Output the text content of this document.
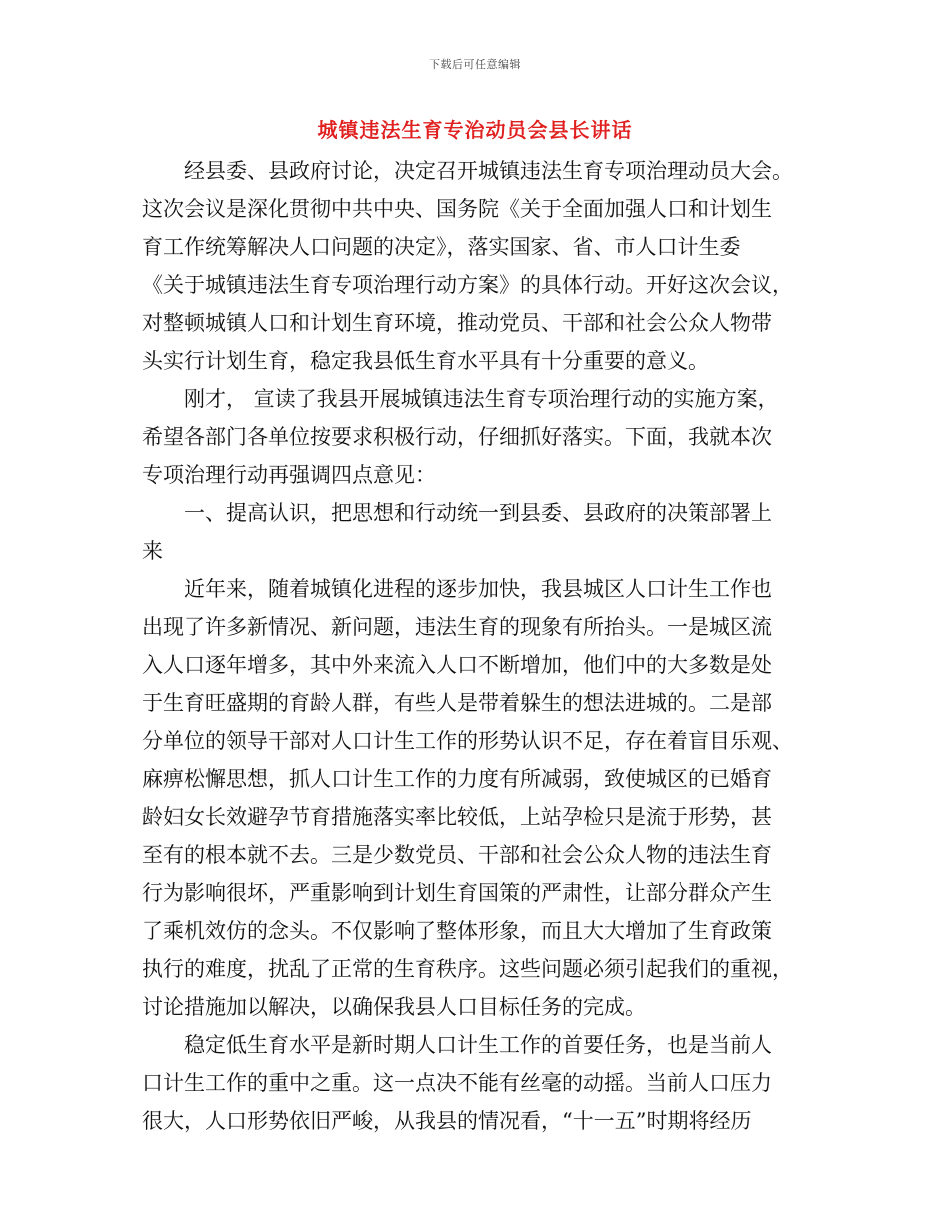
下载后可任意编辑
城镇违法生育专治动员会县长讲话
经县委、县政府讨论，决定召开城镇违法生育专项治理动员大会。
这次会议是深化贯彻中共中央、国务院《关于全面加强人口和计划生
育工作统筹解决人口问题的决定》，落实国家、省、市人口计生委
《关于城镇违法生育专项治理行动方案》的具体行动。开好这次会议，
对整顿城镇人口和计划生育环境，推动党员、干部和社会公众人物带
头实行计划生育，稳定我县低生育水平具有十分重要的意义。
刚才， 宣读了我县开展城镇违法生育专项治理行动的实施方案，
希望各部门各单位按要求积极行动，仔细抓好落实。下面，我就本次
专项治理行动再强调四点意见：
一、提高认识，把思想和行动统一到县委、县政府的决策部署上
来
近年来，随着城镇化进程的逐步加快，我县城区人口计生工作也
出现了许多新情况、新问题，违法生育的现象有所抬头。一是城区流
入人口逐年增多，其中外来流入人口不断增加，他们中的大多数是处
于生育旺盛期的育龄人群，有些人是带着躲生的想法进城的。二是部
分单位的领导干部对人口计生工作的形势认识不足，存在着盲目乐观、
麻痹松懈思想，抓人口计生工作的力度有所减弱，致使城区的已婚育
龄妇女长效避孕节育措施落实率比较低，上站孕检只是流于形势，甚
至有的根本就不去。三是少数党员、干部和社会公众人物的违法生育
行为影响很坏，严重影响到计划生育国策的严肃性，让部分群众产生
了乘机效仿的念头。不仅影响了整体形象，而且大大增加了生育政策
执行的难度，扰乱了正常的生育秩序。这些问题必须引起我们的重视，
讨论措施加以解决，以确保我县人口目标任务的完成。
稳定低生育水平是新时期人口计生工作的首要任务，也是当前人
口计生工作的重中之重。这一点决不能有丝毫的动摇。当前人口压力
很大，人口形势依旧严峻，从我县的情况看，“十一五”时期将经历
